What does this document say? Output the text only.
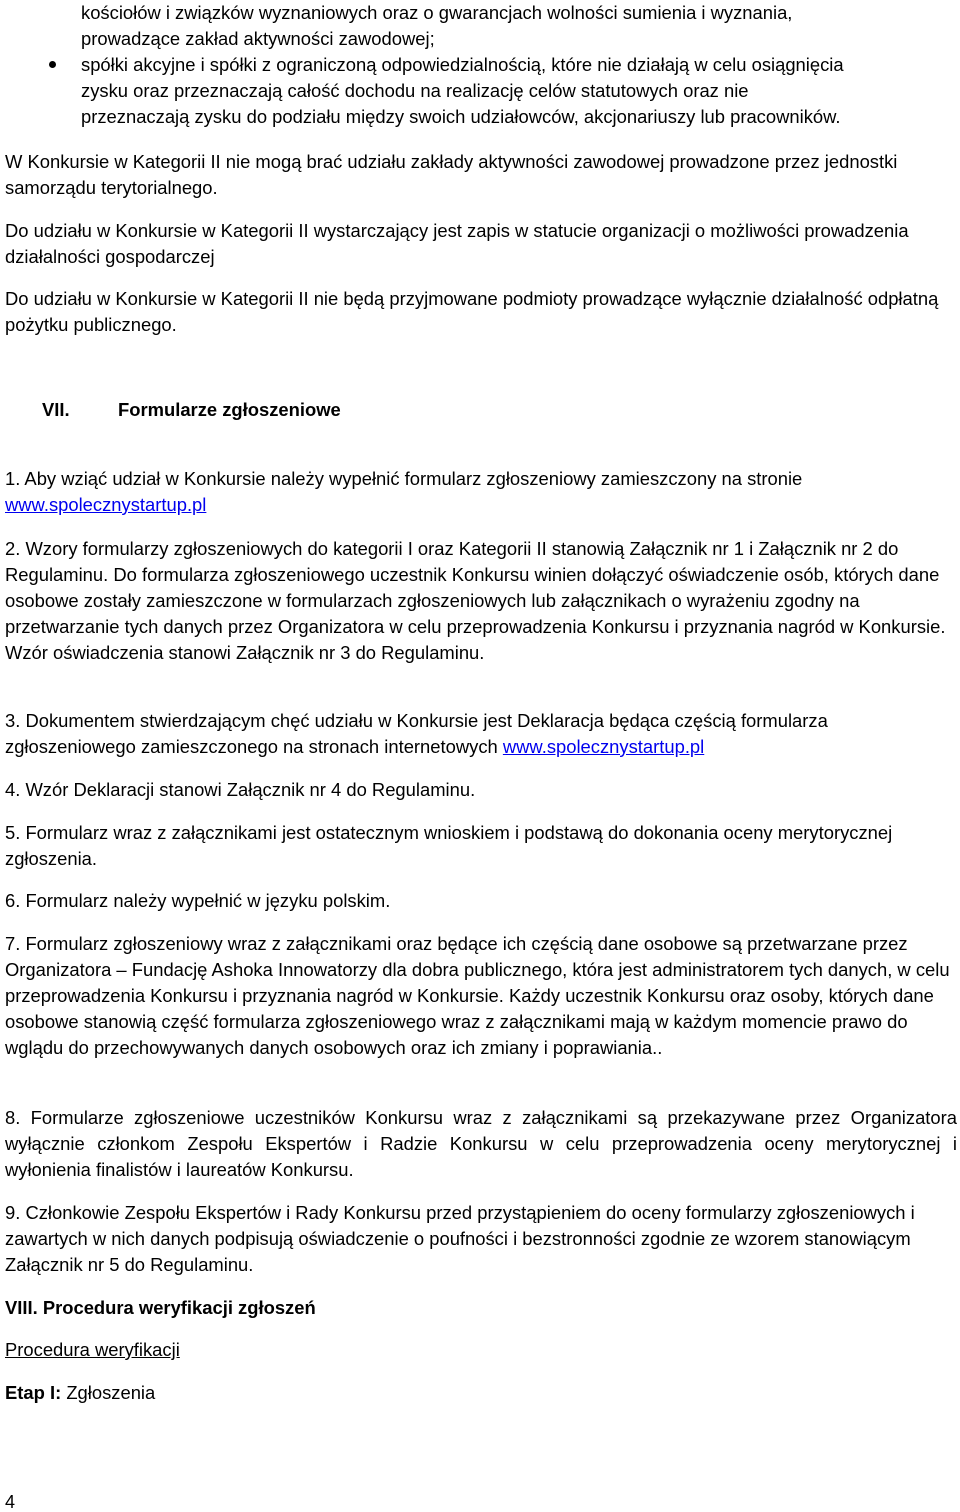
kościołów i związków wyznaniowych oraz o gwarancjach wolności sumienia i wyznania,
prowadzące zakład aktywności zawodowej;
spółki akcyjne i spółki z ograniczoną odpowiedzialnością, które nie działają w celu osiągnięcia
zysku oraz przeznaczają całość dochodu na realizację celów statutowych oraz nie
przeznaczają zysku do podziału między swoich udziałowców, akcjonariuszy lub pracowników.
W Konkursie w Kategorii II nie mogą brać udziału zakłady aktywności zawodowej prowadzone przez jednostki samorządu terytorialnego.
Do udziału w Konkursie w Kategorii II wystarczający jest zapis w statucie organizacji o możliwości prowadzenia działalności gospodarczej
Do udziału w Konkursie w Kategorii II nie będą przyjmowane podmioty prowadzące wyłącznie działalność odpłatną pożytku publicznego.
VII.	Formularze zgłoszeniowe
1. Aby wziąć udział w Konkursie należy wypełnić formularz zgłoszeniowy zamieszczony na stronie www.spolecznystartup.pl
2. Wzory formularzy zgłoszeniowych do kategorii I oraz Kategorii II stanowią Załącznik nr 1 i Załącznik nr 2 do Regulaminu. Do formularza zgłoszeniowego uczestnik Konkursu winien dołączyć oświadczenie osób, których dane osobowe zostały zamieszczone w formularzach zgłoszeniowych lub załącznikach o wyrażeniu zgodny na przetwarzanie tych danych przez Organizatora w celu przeprowadzenia Konkursu i przyznania nagród w Konkursie. Wzór oświadczenia stanowi Załącznik nr 3 do Regulaminu.
3. Dokumentem stwierdzającym chęć udziału w Konkursie jest Deklaracja będąca częścią formularza zgłoszeniowego zamieszczonego na stronach internetowych www.spolecznystartup.pl
4. Wzór Deklaracji stanowi Załącznik nr 4 do Regulaminu.
5. Formularz wraz z załącznikami jest ostatecznym wnioskiem i podstawą do dokonania oceny merytorycznej zgłoszenia.
6. Formularz należy wypełnić w języku polskim.
7. Formularz zgłoszeniowy wraz z załącznikami oraz będące ich częścią dane osobowe są przetwarzane przez Organizatora – Fundację Ashoka Innowatorzy dla dobra publicznego, która jest administratorem tych danych, w celu przeprowadzenia Konkursu i przyznania nagród w Konkursie. Każdy uczestnik Konkursu oraz osoby, których dane osobowe stanowią część formularza zgłoszeniowego wraz z załącznikami mają w każdym momencie prawo do wglądu do przechowywanych danych osobowych oraz ich zmiany i poprawiania..
8. Formularze zgłoszeniowe uczestników Konkursu wraz z załącznikami są przekazywane przez Organizatora wyłącznie członkom Zespołu Ekspertów i Radzie Konkursu w celu przeprowadzenia oceny merytorycznej i wyłonienia finalistów i laureatów Konkursu.
9. Członkowie Zespołu Ekspertów i Rady Konkursu przed przystąpieniem do oceny formularzy zgłoszeniowych i zawartych w nich danych podpisują oświadczenie o poufności i bezstronności zgodnie ze wzorem stanowiącym Załącznik nr 5 do Regulaminu.
VIII. Procedura weryfikacji zgłoszeń
Procedura weryfikacji
Etap I: Zgłoszenia
4
